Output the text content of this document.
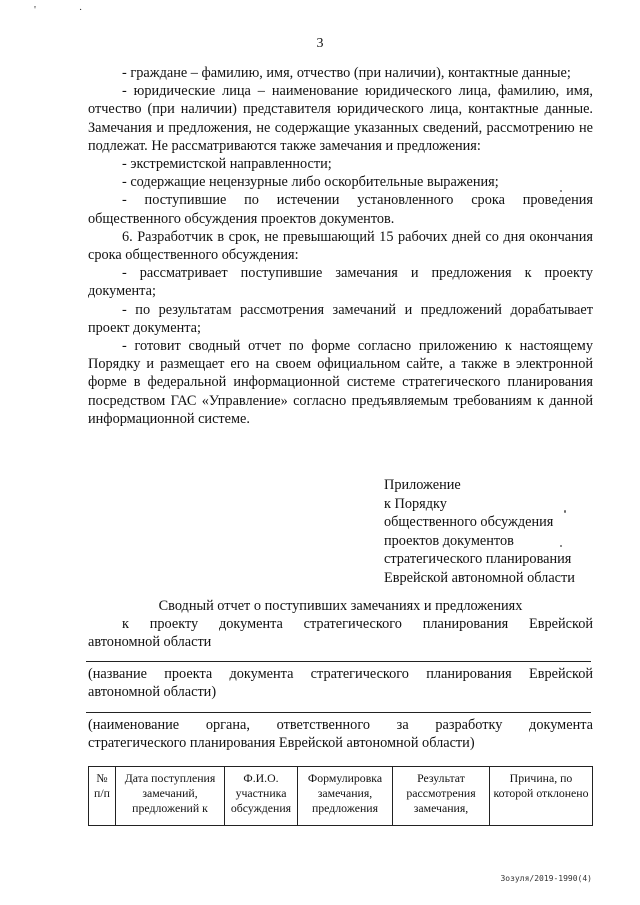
' ·
3

- граждане – фамилию, имя, отчество (при наличии), контактные данные;

- юридические лица – наименование юридического лица, фамилию, имя, отчество (при наличии) представителя юридического лица, контактные данные. Замечания и предложения, не содержащие указанных сведений, рассмотрению не подлежат. Не рассматриваются также замечания и предложения:

- экстремистской направленности;

- содержащие нецензурные либо оскорбительные выражения;

- поступившие по истечении установленного срока проведения общественного обсуждения проектов документов.

6. Разработчик в срок, не превышающий 15 рабочих дней со дня окончания срока общественного обсуждения:

- рассматривает поступившие замечания и предложения к проекту документа;

- по результатам рассмотрения замечаний и предложений дорабатывает проект документа;

- готовит сводный отчет по форме согласно приложению к настоящему Порядку и размещает его на своем официальном сайте, а также в электронной форме в федеральной информационной системе стратегического планирования посредством ГАС «Управление» согласно предъявляемым требованиям к данной информационной системе.

Приложение
к Порядку
общественного обсуждения
проектов документов
стратегического планирования
Еврейской автономной области
Сводный отчет о поступивших замечаниях и предложениях
к проекту документа стратегического планирования Еврейской
автономной области
(название проекта документа стратегического планирования Еврейской
автономной области)
(наименование органа, ответственного за разработку документа
стратегического планирования Еврейской автономной области)
№ п/п	Дата поступления замечаний, предложений к	Ф.И.О. участника обсуждения	Формулировка замечания, предложения	Результат рассмотрения замечания,	Причина, по которой отклонено
Зозуля/2019-1990(4)
